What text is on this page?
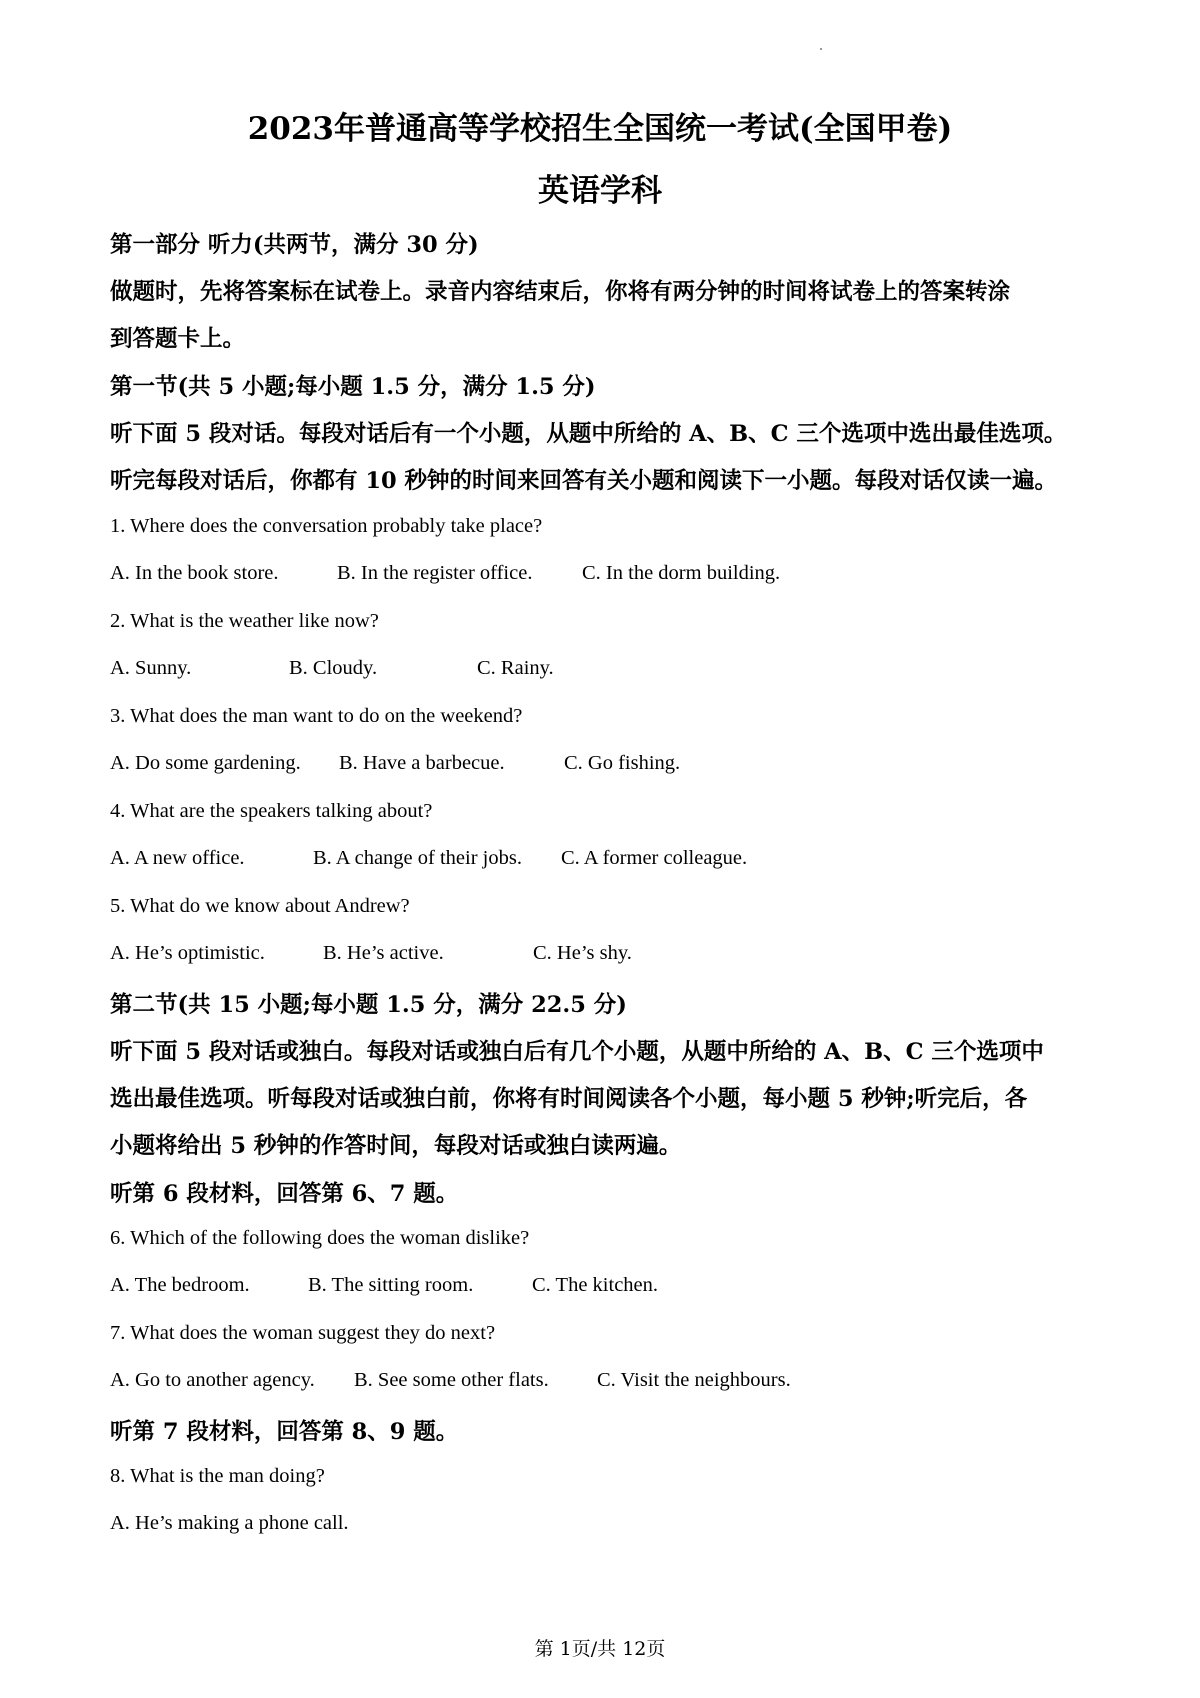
2023年普通高等学校招生全国统一考试(全国甲卷)
英语学科
第一部分 听力(共两节，满分 30 分)
做题时，先将答案标在试卷上。录音内容结束后，你将有两分钟的时间将试卷上的答案转涂
到答题卡上。
第一节(共 5 小题;每小题 1.5 分，满分 1.5 分)
听下面 5 段对话。每段对话后有一个小题，从题中所给的 A、B、C 三个选项中选出最佳选项。
听完每段对话后，你都有 10 秒钟的时间来回答有关小题和阅读下一小题。每段对话仅读一遍。
1. Where does the conversation probably take place?
A. In the book store.	B. In the register office. C. In the dorm building.
2. What is the weather like now?
A. Sunny.	B. Cloudy.	C. Rainy.
3. What does the man want to do on the weekend?
A. Do some gardening. B. Have a barbecue.	C. Go fishing.
4. What are the speakers talking about?
A. A new office.	B. A change of their jobs. C. A former colleague.
5. What do we know about Andrew?
A. He’s optimistic.	B. He’s active.	C. He’s shy.
第二节(共 15 小题;每小题 1.5 分，满分 22.5 分)
听下面 5 段对话或独白。每段对话或独白后有几个小题，从题中所给的 A、B、C 三个选项中
选出最佳选项。听每段对话或独白前，你将有时间阅读各个小题，每小题 5 秒钟;听完后，各
小题将给出 5 秒钟的作答时间，每段对话或独白读两遍。
听第 6 段材料，回答第 6、7 题。
6. Which of the following does the woman dislike?
A. The bedroom.	B. The sitting room.	C. The kitchen.
7. What does the woman suggest they do next?
A. Go to another agency. B. See some other flats. C. Visit the neighbours.
听第 7 段材料，回答第 8、9 题。
8. What is the man doing?
A. He’s making a phone call.
第 1页/共 12页
